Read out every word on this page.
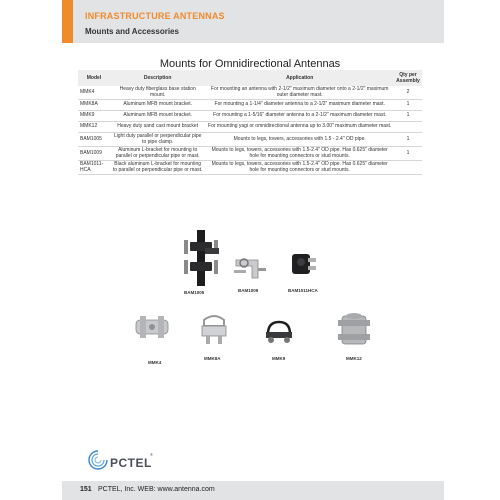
INFRASTRUCTURE ANTENNAS
Mounts and Accessories
Mounts for Omnidirectional Antennas
Model	Description	Application	Qty per Assembly
MMK4	Heavy duty fiberglass base station mount.	For mounting an antenna with 2-1/2" maximum diameter onto a 2-1/2" maximum outer diameter mast.	2
MMK8A	Aluminum MFB mount bracket.	For mounting a 1-1/4" diameter antenna to a 2-1/2" maximum diameter mast.	1
MMK9	Aluminum MFB mount bracket.	For mounting a 1-5/16" diameter antenna to a 2-1/2" maximum diameter mast.	1
MMK12	Heavy duty sand cast mount bracket	For mounting yagi or omnidirectional antenna up to 3.00" maximum diameter mast.	
BAM1005	Light duty parallel or perpendicular pipe to pipe clamp.	Mounts to legs, towers, accessories with 1.5 - 2.4" OD pipe.	1
BAM1009	Aluminum L-bracket for mounting to parallel or perpendicular pipe or mast.	Mounts to legs, towers, accessories with 1.5-2.4" OD pipe. Has 0.625" diameter hole for mounting connectors or stud mounts.	1
BAM1011-HCA	Black aluminum L-bracket for mounting to parallel or perpendicular pipe or mast.	Mounts to legs, towers, accessories with 1.5-2.4" OD pipe. Has 0.625" diameter hole for mounting connectors or stud mounts.	
BAM1005	BAM1009	BAM1011HCA
MMK4
MMK8A	MMK9	MMK12
PCTEL
®
151 PCTEL, Inc. WEB: www.antenna.com
